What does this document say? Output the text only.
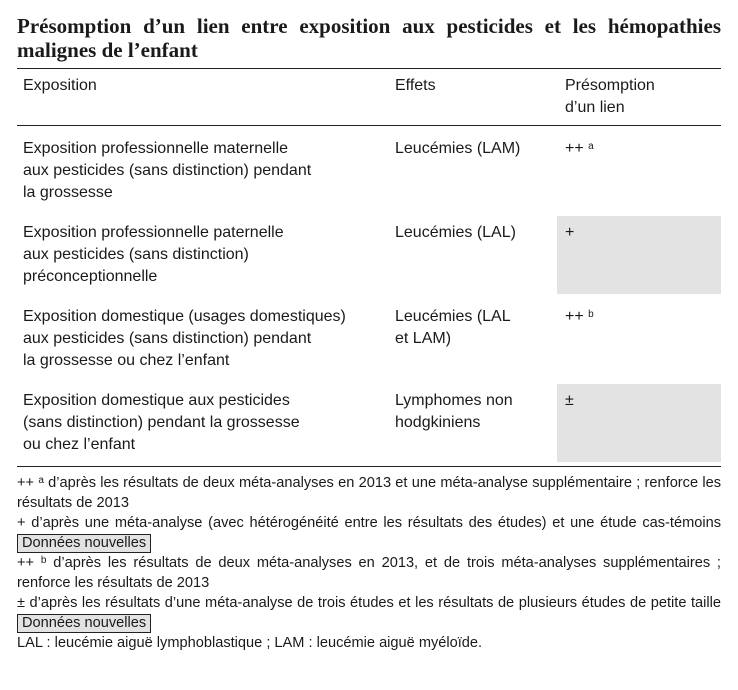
Présomption d’un lien entre exposition aux pesticides et les hémopathies malignes de l’enfant
Exposition	Effets	Présomption
d’un lien

Exposition professionnelle maternelle
aux pesticides (sans distinction) pendant
la grossesse	Leucémies (LAM)	++ $^a$

Exposition professionnelle paternelle
aux pesticides (sans distinction)
préconceptionnelle	Leucémies (LAL)	+

Exposition domestique (usages domestiques)
aux pesticides (sans distinction) pendant
la grossesse ou chez l’enfant	Leucémies (LAL
et LAM)	++ $^b$

Exposition domestique aux pesticides
(sans distinction) pendant la grossesse
ou chez l’enfant	Lymphomes non
hodgkiniens	±

++ $^a$ d’après les résultats de deux méta-analyses en 2013 et une méta-analyse supplémentaire ; renforce les résultats de 2013

+ d’après une méta-analyse (avec hétérogénéité entre les résultats des études) et une étude cas-témoins Données nouvelles

++ $^b$ d’après les résultats de deux méta-analyses en 2013, et de trois méta-analyses supplémentaires ; renforce les résultats de 2013

± d’après les résultats d’une méta-analyse de trois études et les résultats de plusieurs études de petite taille Données nouvelles

LAL : leucémie aiguë lymphoblastique ; LAM : leucémie aiguë myéloïde.
